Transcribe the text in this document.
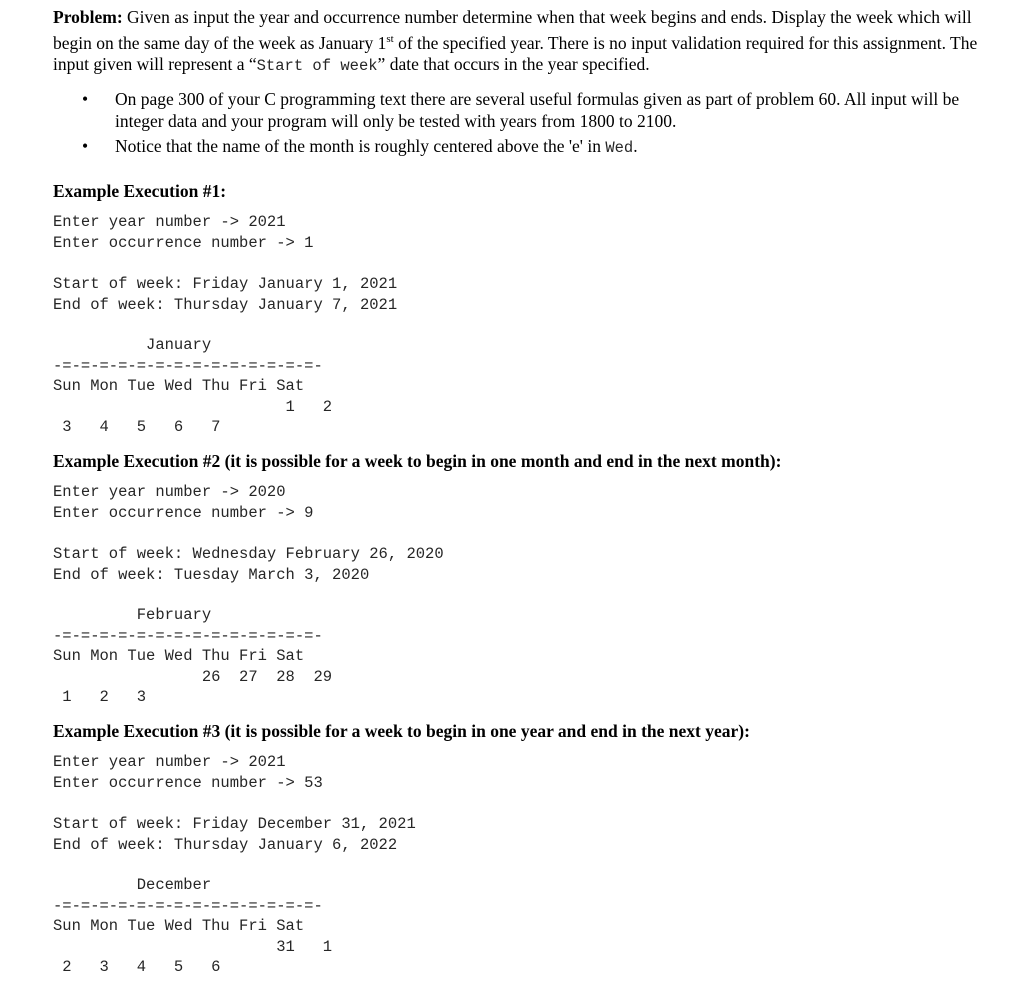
Problem: Given as input the year and occurrence number determine when that week begins and ends. Display the week which will begin on the same day of the week as January 1st of the specified year. There is no input validation required for this assignment. The input given will represent a “Start of week” date that occurs in the year specified.
• On page 300 of your C programming text there are several useful formulas given as part of problem 60. All input will be integer data and your program will only be tested with years from 1800 to 2100.
• Notice that the name of the month is roughly centered above the 'e' in Wed.
Example Execution #1:
Enter year number -> 2021
Enter occurrence number -> 1
Start of week: Friday January 1, 2021
End of week: Thursday January 7, 2021
January
-=-=-=-=-=-=-=-=-=-=-=-=-=-=-
Sun Mon Tue Wed Thu Fri Sat
1   2
3   4   5   6   7
Example Execution #2 (it is possible for a week to begin in one month and end in the next month):
Enter year number -> 2020
Enter occurrence number -> 9
Start of week: Wednesday February 26, 2020
End of week: Tuesday March 3, 2020
February
-=-=-=-=-=-=-=-=-=-=-=-=-=-=-
Sun Mon Tue Wed Thu Fri Sat
26  27  28  29
1   2   3
Example Execution #3 (it is possible for a week to begin in one year and end in the next year):
Enter year number -> 2021
Enter occurrence number -> 53
Start of week: Friday December 31, 2021
End of week: Thursday January 6, 2022
December
-=-=-=-=-=-=-=-=-=-=-=-=-=-=-
Sun Mon Tue Wed Thu Fri Sat
31   1
2   3   4   5   6
